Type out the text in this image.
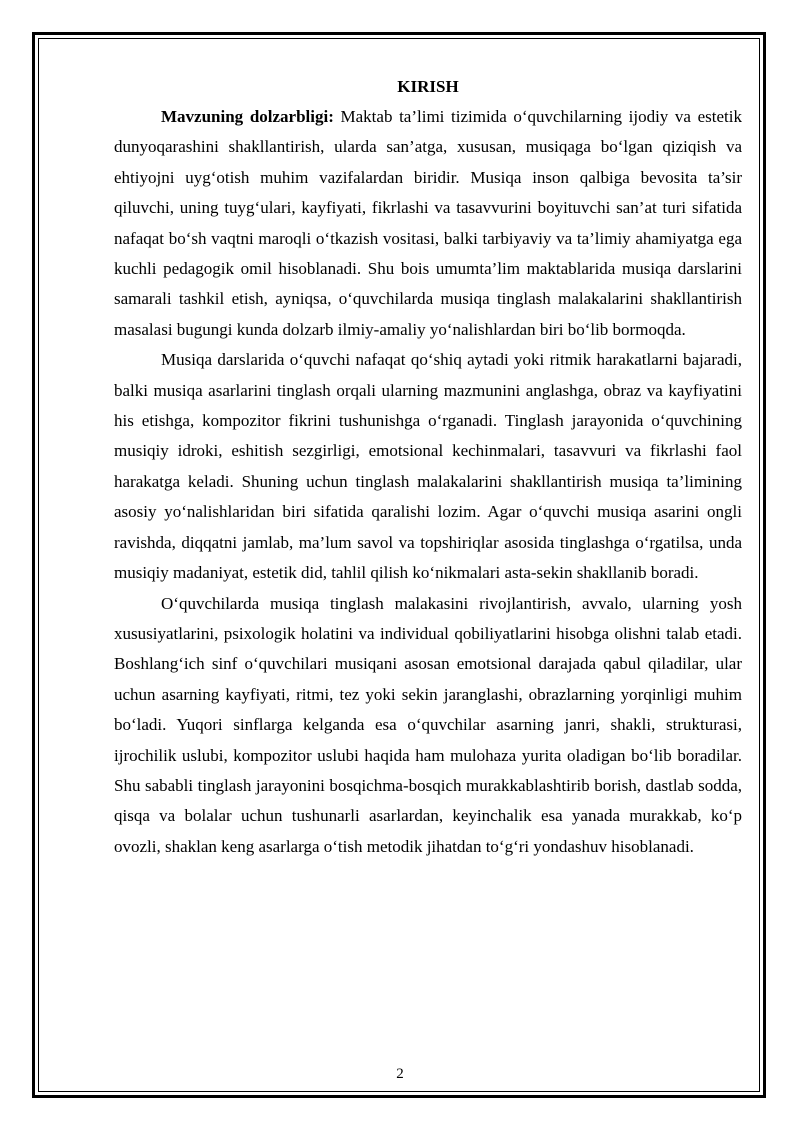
KIRISH

Mavzuning dolzarbligi: Maktab ta’limi tizimida oʻquvchilarning ijodiy va estetik dunyoqarashini shakllantirish, ularda san’atga, xususan, musiqaga boʻlgan qiziqish va ehtiyojni uygʻotish muhim vazifalardan biridir. Musiqa inson qalbiga bevosita ta’sir qiluvchi, uning tuygʻulari, kayfiyati, fikrlashi va tasavvurini boyituvchi san’at turi sifatida nafaqat boʻsh vaqtni maroqli oʻtkazish vositasi, balki tarbiyaviy va ta’limiy ahamiyatga ega kuchli pedagogik omil hisoblanadi. Shu bois umumta’lim maktablarida musiqa darslarini samarali tashkil etish, ayniqsa, oʻquvchilarda musiqa tinglash malakalarini shakllantirish masalasi bugungi kunda dolzarb ilmiy-amaliy yoʻnalishlardan biri boʻlib bormoqda.

Musiqa darslarida oʻquvchi nafaqat qoʻshiq aytadi yoki ritmik harakatlarni bajaradi, balki musiqa asarlarini tinglash orqali ularning mazmunini anglashga, obraz va kayfiyatini his etishga, kompozitor fikrini tushunishga oʻrganadi. Tinglash jarayonida oʻquvchining musiqiy idroki, eshitish sezgirligi, emotsional kechinmalari, tasavvuri va fikrlashi faol harakatga keladi. Shuning uchun tinglash malakalarini shakllantirish musiqa ta’limining asosiy yoʻnalishlaridan biri sifatida qaralishi lozim. Agar oʻquvchi musiqa asarini ongli ravishda, diqqatni jamlab, ma’lum savol va topshiriqlar asosida tinglashga oʻrgatilsa, unda musiqiy madaniyat, estetik did, tahlil qilish koʻnikmalari asta-sekin shakllanib boradi.

Oʻquvchilarda musiqa tinglash malakasini rivojlantirish, avvalo, ularning yosh xususiyatlarini, psixologik holatini va individual qobiliyatlarini hisobga olishni talab etadi. Boshlangʻich sinf oʻquvchilari musiqani asosan emotsional darajada qabul qiladilar, ular uchun asarning kayfiyati, ritmi, tez yoki sekin jaranglashi, obrazlarning yorqinligi muhim boʻladi. Yuqori sinflarga kelganda esa oʻquvchilar asarning janri, shakli, strukturasi, ijrochilik uslubi, kompozitor uslubi haqida ham mulohaza yurita oladigan boʻlib boradilar. Shu sababli tinglash jarayonini bosqichma-bosqich murakkablashtirib borish, dastlab sodda, qisqa va bolalar uchun tushunarli asarlardan, keyinchalik esa yanada murakkab, koʻp ovozli, shaklan keng asarlarga oʻtish metodik jihatdan toʻgʻri yondashuv hisoblanadi.

2
